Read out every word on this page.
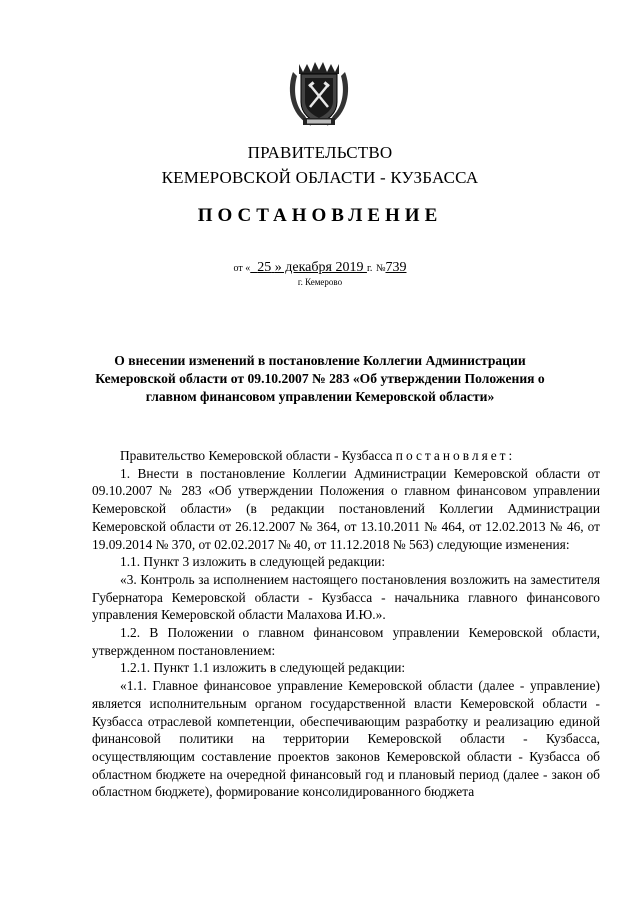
ПРАВИТЕЛЬСТВО
КЕМЕРОВСКОЙ ОБЛАСТИ - КУЗБАССА
ПОСТАНОВЛЕНИЕ
от « 25 » декабря 2019 г. №739
г. Кемерово
О внесении изменений в постановление Коллегии Администрации Кемеровской области от 09.10.2007 № 283 «Об утверждении Положения о главном финансовом управлении Кемеровской области»

Правительство Кемеровской области - Кузбасса постановляет:

1. Внести в постановление Коллегии Администрации Кемеровской области от 09.10.2007 № 283 «Об утверждении Положения о главном финансовом управлении Кемеровской области» (в редакции постановлений Коллегии Администрации Кемеровской области от 26.12.2007 № 364, от 13.10.2011 № 464, от 12.02.2013 № 46, от 19.09.2014 № 370, от 02.02.2017 № 40, от 11.12.2018 № 563) следующие изменения:

1.1. Пункт 3 изложить в следующей редакции:

«3. Контроль за исполнением настоящего постановления возложить на заместителя Губернатора Кемеровской области - Кузбасса - начальника главного финансового управления Кемеровской области Малахова И.Ю.».

1.2. В Положении о главном финансовом управлении Кемеровской области, утвержденном постановлением:

1.2.1. Пункт 1.1 изложить в следующей редакции:

«1.1. Главное финансовое управление Кемеровской области (далее - управление) является исполнительным органом государственной власти Кемеровской области - Кузбасса отраслевой компетенции, обеспечивающим разработку и реализацию единой финансовой политики на территории Кемеровской области - Кузбасса, осуществляющим составление проектов законов Кемеровской области - Кузбасса об областном бюджете на очередной финансовый год и плановый период (далее - закон об областном бюджете), формирование консолидированного бюджета
